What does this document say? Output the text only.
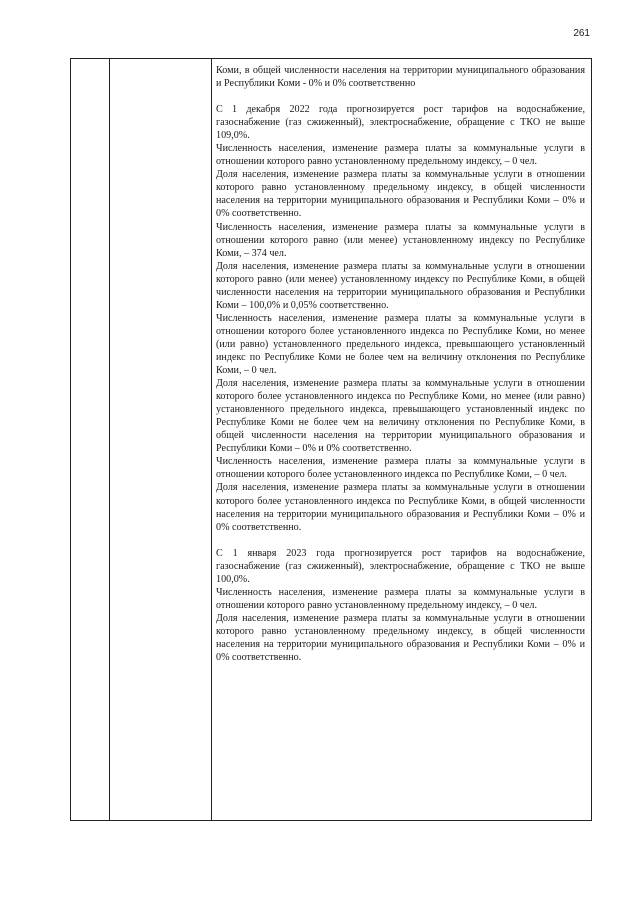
261

Коми, в общей численности населения на территории муниципального образования и Республики Коми - 0% и 0% соответственно

С 1 декабря 2022 года прогнозируется рост тарифов на водоснабжение, газоснабжение (газ сжиженный), электроснабжение, обращение с ТКО не выше 109,0%.

Численность населения, изменение размера платы за коммунальные услуги в отношении которого равно установленному предельному индексу, – 0 чел.

Доля населения, изменение размера платы за коммунальные услуги в отношении которого равно установленному предельному индексу, в общей численности населения на территории муниципального образования и Республики Коми – 0% и 0% соответственно.

Численность населения, изменение размера платы за коммунальные услуги в отношении которого равно (или менее) установленному индексу по Республике Коми, – 374 чел.

Доля населения, изменение размера платы за коммунальные услуги в отношении которого равно (или менее) установленному индексу по Республике Коми, в общей численности населения на территории муниципального образования и Республики Коми – 100,0% и 0,05% соответственно.

Численность населения, изменение размера платы за коммунальные услуги в отношении которого более установленного индекса по Республике Коми, но менее (или равно) установленного предельного индекса, превышающего установленный индекс по Республике Коми не более чем на величину отклонения по Республике Коми, – 0 чел.

Доля населения, изменение размера платы за коммунальные услуги в отношении которого более установленного индекса по Республике Коми, но менее (или равно) установленного предельного индекса, превышающего установленный индекс по Республике Коми не более чем на величину отклонения по Республике Коми, в общей численности населения на территории муниципального образования и Республики Коми – 0% и 0% соответственно.

Численность населения, изменение размера платы за коммунальные услуги в отношении которого более установленного индекса по Республике Коми, – 0 чел.

Доля населения, изменение размера платы за коммунальные услуги в отношении которого более установленного индекса по Республике Коми, в общей численности населения на территории муниципального образования и Республики Коми – 0% и 0% соответственно.

С 1 января 2023 года прогнозируется рост тарифов на водоснабжение, газоснабжение (газ сжиженный), электроснабжение, обращение с ТКО не выше 100,0%.

Численность населения, изменение размера платы за коммунальные услуги в отношении которого равно установленному предельному индексу, – 0 чел.

Доля населения, изменение размера платы за коммунальные услуги в отношении которого равно установленному предельному индексу, в общей численности населения на территории муниципального образования и Республики Коми – 0% и 0% соответственно.
